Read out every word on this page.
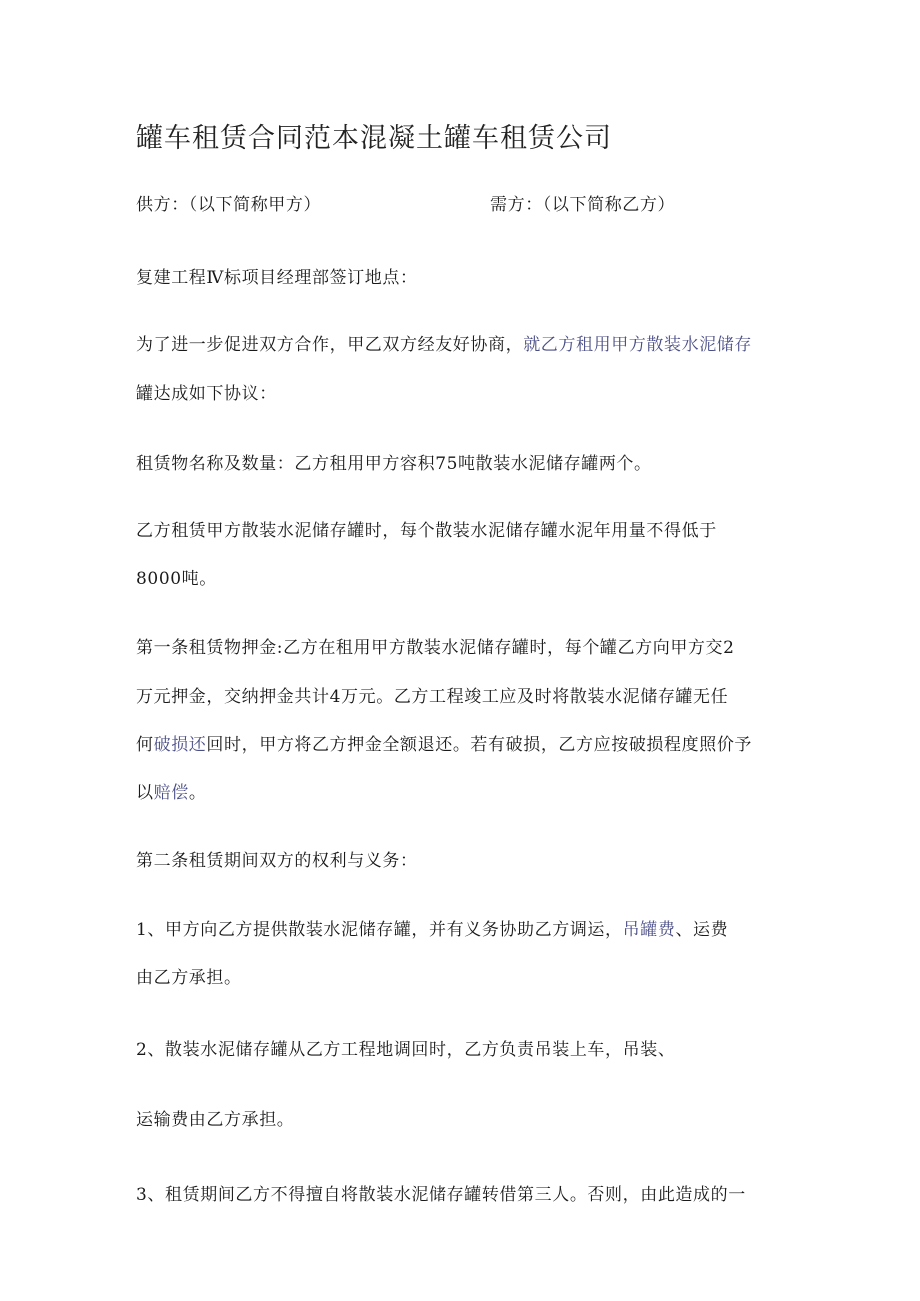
罐车租赁合同范本混凝土罐车租赁公司
供方：（以下简称甲方）	需方：（以下简称乙方）
复建工程Ⅳ标项目经理部签订地点：
为了进一步促进双方合作，甲乙双方经友好协商，就乙方租用甲方散装水泥储存
罐达成如下协议：
租赁物名称及数量：乙方租用甲方容积75吨散装水泥储存罐两个。
乙方租赁甲方散装水泥储存罐时，每个散装水泥储存罐水泥年用量不得低于
8000吨。
第一条租赁物押金:乙方在租用甲方散装水泥储存罐时，每个罐乙方向甲方交2
万元押金，交纳押金共计4万元。乙方工程竣工应及时将散装水泥储存罐无任
何破损还回时，甲方将乙方押金全额退还。若有破损，乙方应按破损程度照价予
以赔偿。
第二条租赁期间双方的权利与义务：
1、甲方向乙方提供散装水泥储存罐，并有义务协助乙方调运，吊罐费、运费
由乙方承担。
2、散装水泥储存罐从乙方工程地调回时，乙方负责吊装上车，吊装、
运输费由乙方承担。
3、租赁期间乙方不得擅自将散装水泥储存罐转借第三人。否则，由此造成的一
